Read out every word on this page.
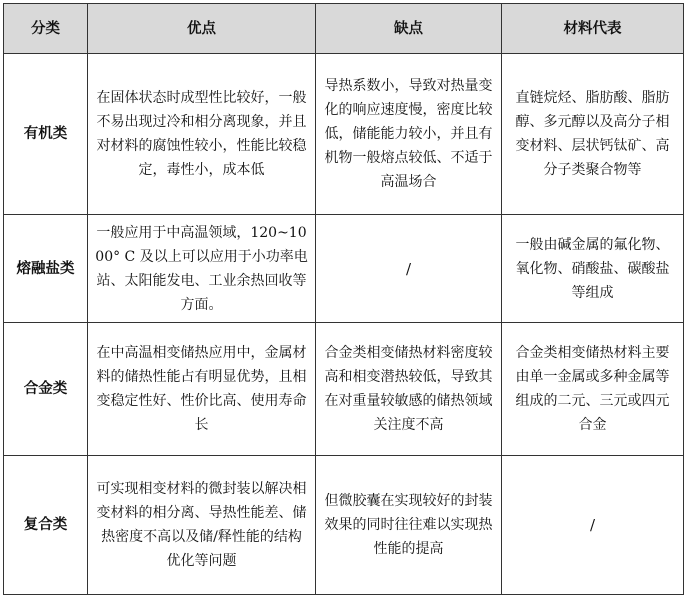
分类	优点	缺点	材料代表
有机类	在固体状态时成型性比较好，一般不易出现过冷和相分离现象，并且对材料的腐蚀性较小，性能比较稳定，毒性小，成本低	导热系数小，导致对热量变化的响应速度慢，密度比较低，储能能力较小，并且有机物一般熔点较低、不适于高温场合	直链烷烃、脂肪酸、脂肪醇、多元醇以及高分子相变材料、层状钙钛矿、高分子类聚合物等
熔融盐类	一般应用于中高温领域，120~1000° C 及以上可以应用于小功率电站、太阳能发电、工业余热回收等方面。	/	一般由碱金属的氟化物、氧化物、硝酸盐、碳酸盐等组成
合金类	在中高温相变储热应用中，金属材料的储热性能占有明显优势，且相变稳定性好、性价比高、使用寿命长	合金类相变储热材料密度较高和相变潜热较低，导致其在对重量较敏感的储热领域关注度不高	合金类相变储热材料主要由单一金属或多种金属等组成的二元、三元或四元合金
复合类	可实现相变材料的微封装以解决相变材料的相分离、导热性能差、储热密度不高以及储/释性能的结构优化等问题	但微胶囊在实现较好的封装效果的同时往往难以实现热性能的提高	/
